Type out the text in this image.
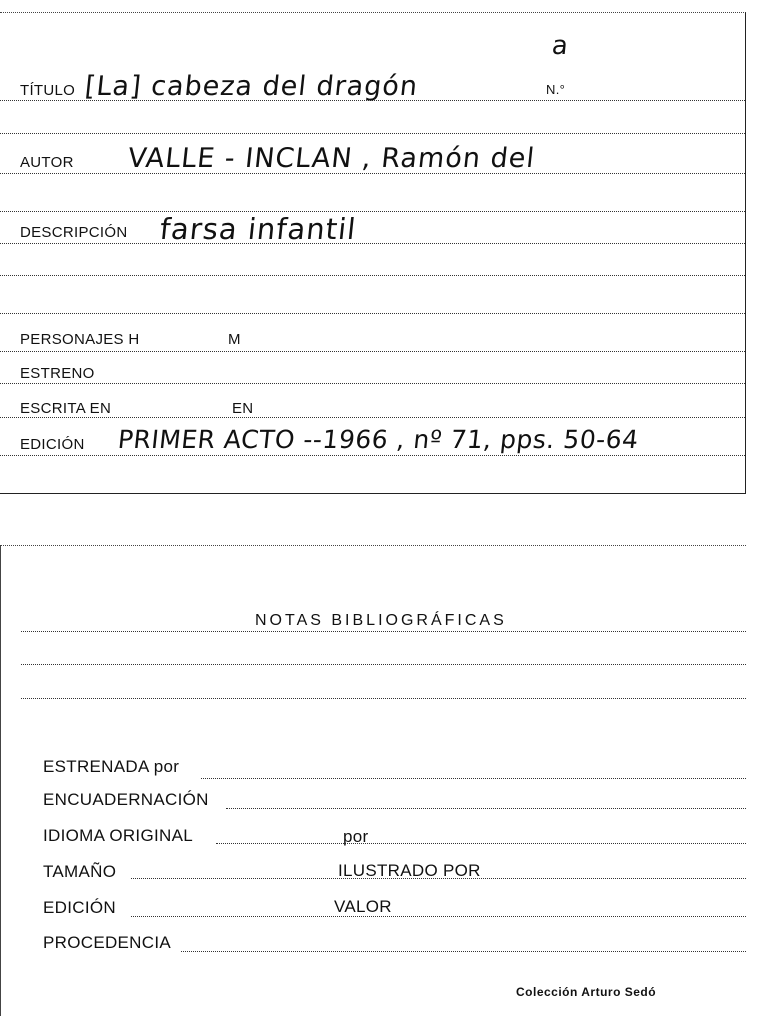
TÍTULO [La] cabeza del dragón	N.°
a
AUTOR VALLE - INCLAN , Ramón del
DESCRIPCIÓN farsa infantil
PERSONAJES H	M
ESTRENO
ESCRITA EN	EN
EDICIÓN PRIMER ACTO --1966 , nº 71, pps. 50-64
NOTAS BIBLIOGRÁFICAS
ESTRENADA por
ENCUADERNACIÓN
IDIOMA ORIGINAL	por
TAMAÑO	ILUSTRADO POR
EDICIÓN	VALOR
PROCEDENCIA
Colección Arturo Sedó
